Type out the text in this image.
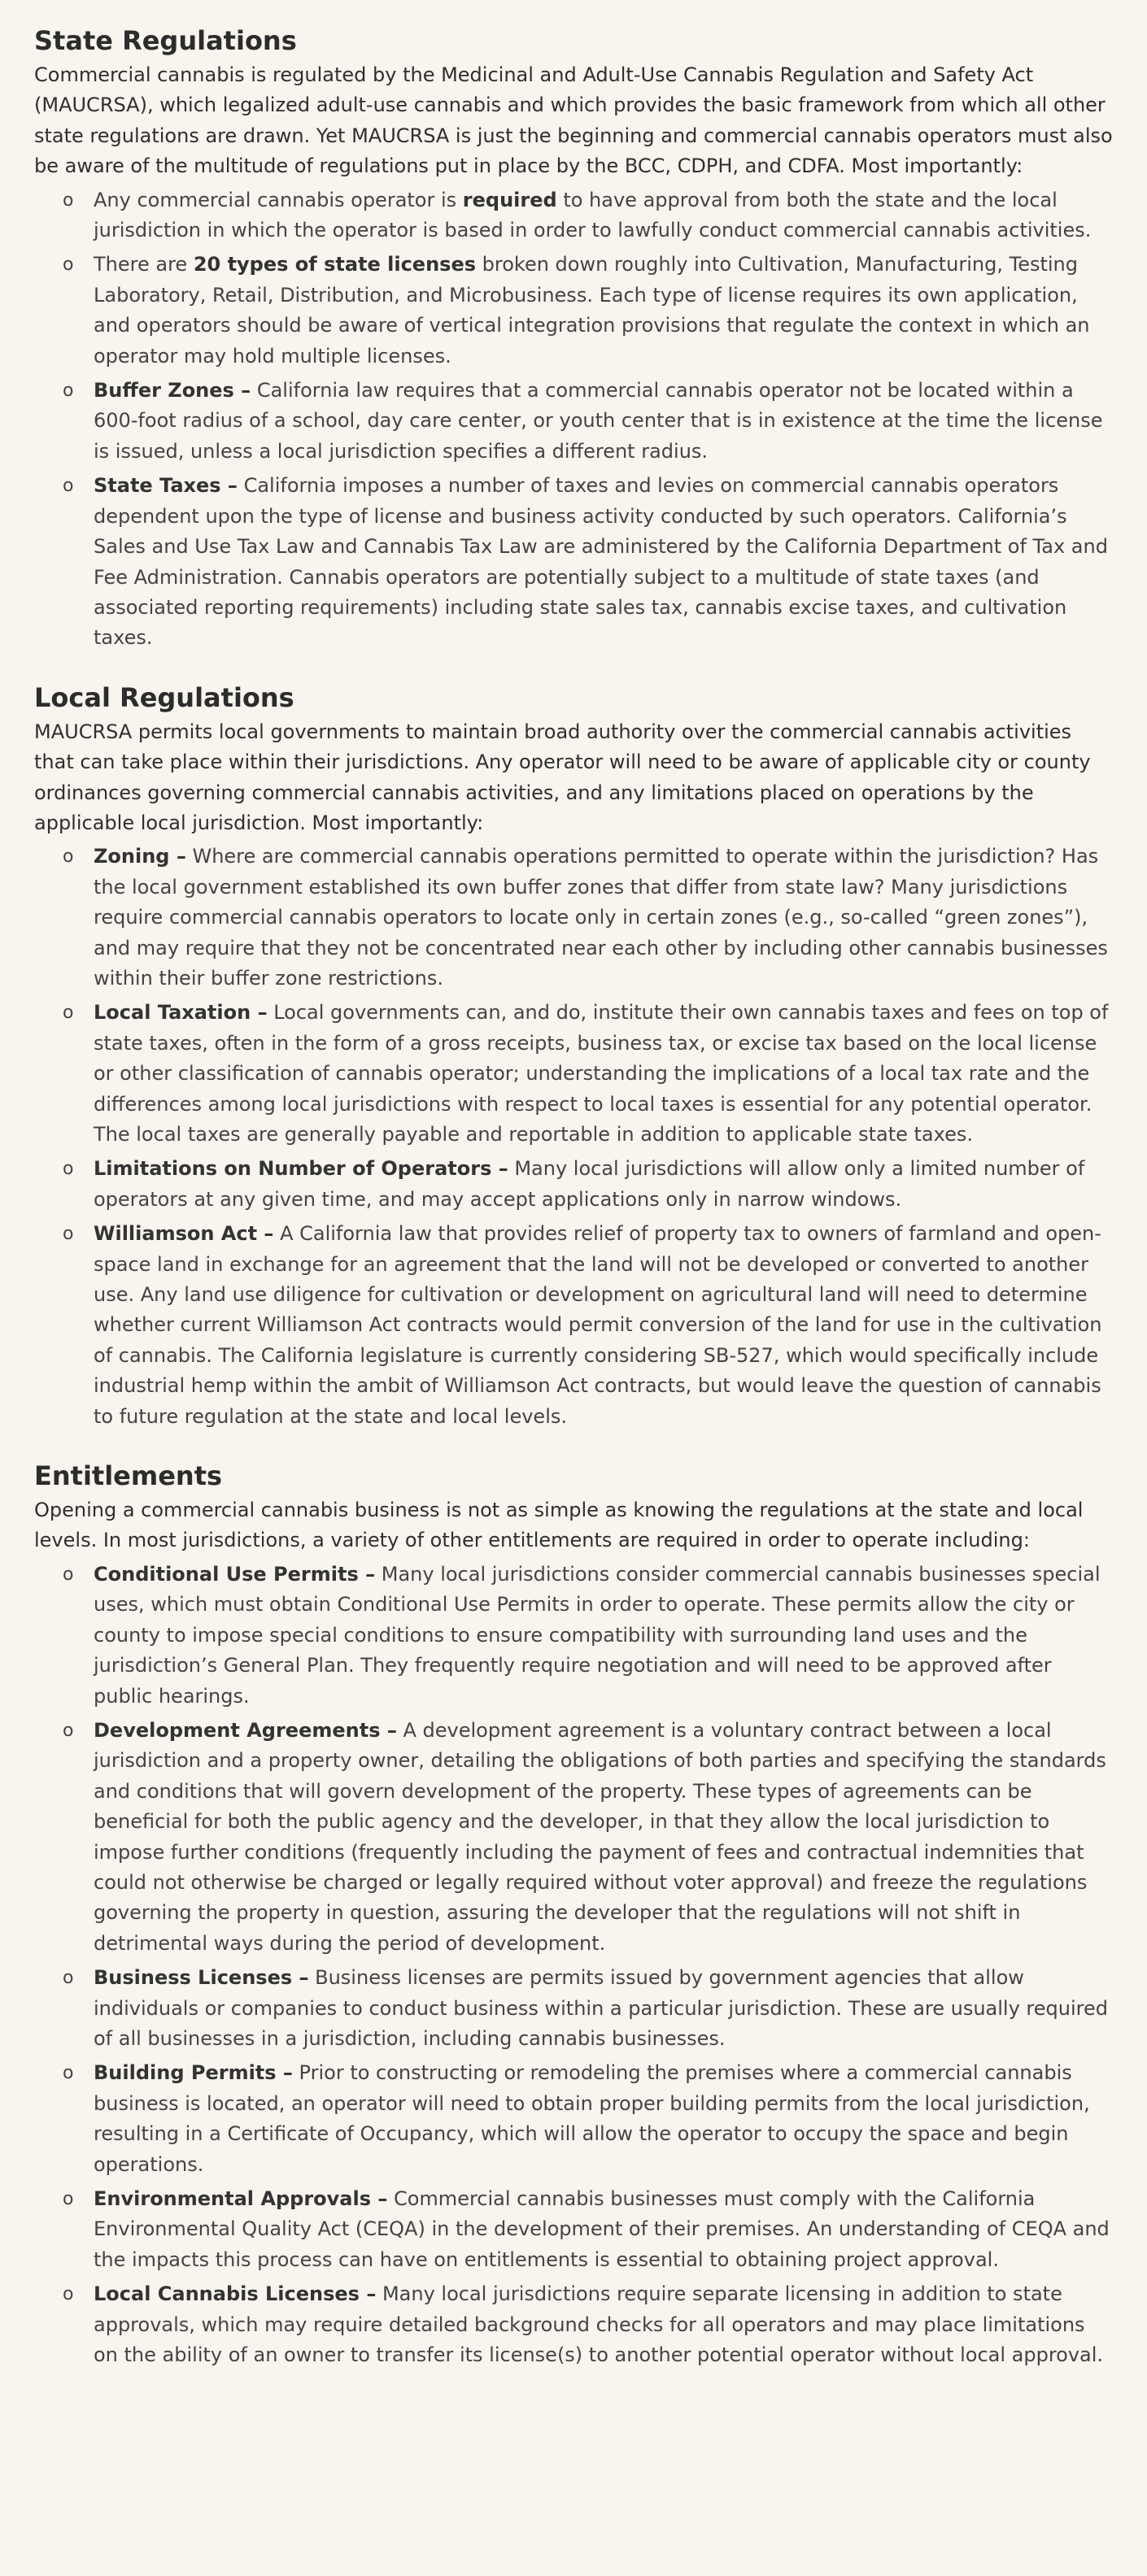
State Regulations

Commercial cannabis is regulated by the Medicinal and Adult-Use Cannabis Regulation and Safety Act (MAUCRSA), which legalized adult-use cannabis and which provides the basic framework from which all other state regulations are drawn. Yet MAUCRSA is just the beginning and commercial cannabis operators must also be aware of the multitude of regulations put in place by the BCC, CDPH, and CDFA. Most importantly:

o Any commercial cannabis operator is required to have approval from both the state and the local jurisdiction in which the operator is based in order to lawfully conduct commercial cannabis activities.
o There are 20 types of state licenses broken down roughly into Cultivation, Manufacturing, Testing Laboratory, Retail, Distribution, and Microbusiness. Each type of license requires its own application, and operators should be aware of vertical integration provisions that regulate the context in which an operator may hold multiple licenses.
o Buffer Zones – California law requires that a commercial cannabis operator not be located within a 600-foot radius of a school, day care center, or youth center that is in existence at the time the license is issued, unless a local jurisdiction specifies a different radius.
o State Taxes – California imposes a number of taxes and levies on commercial cannabis operators dependent upon the type of license and business activity conducted by such operators. California’s Sales and Use Tax Law and Cannabis Tax Law are administered by the California Department of Tax and Fee Administration. Cannabis operators are potentially subject to a multitude of state taxes (and associated reporting requirements) including state sales tax, cannabis excise taxes, and cultivation taxes.
Local Regulations

MAUCRSA permits local governments to maintain broad authority over the commercial cannabis activities that can take place within their jurisdictions. Any operator will need to be aware of applicable city or county ordinances governing commercial cannabis activities, and any limitations placed on operations by the applicable local jurisdiction. Most importantly:

o Zoning – Where are commercial cannabis operations permitted to operate within the jurisdiction? Has the local government established its own buffer zones that differ from state law? Many jurisdictions require commercial cannabis operators to locate only in certain zones (e.g., so-called “green zones”), and may require that they not be concentrated near each other by including other cannabis businesses within their buffer zone restrictions.
o Local Taxation – Local governments can, and do, institute their own cannabis taxes and fees on top of state taxes, often in the form of a gross receipts, business tax, or excise tax based on the local license or other classification of cannabis operator; understanding the implications of a local tax rate and the differences among local jurisdictions with respect to local taxes is essential for any potential operator. The local taxes are generally payable and reportable in addition to applicable state taxes.
o Limitations on Number of Operators – Many local jurisdictions will allow only a limited number of operators at any given time, and may accept applications only in narrow windows.
o Williamson Act – A California law that provides relief of property tax to owners of farmland and open-space land in exchange for an agreement that the land will not be developed or converted to another use. Any land use diligence for cultivation or development on agricultural land will need to determine whether current Williamson Act contracts would permit conversion of the land for use in the cultivation of cannabis. The California legislature is currently considering SB-527, which would specifically include industrial hemp within the ambit of Williamson Act contracts, but would leave the question of cannabis to future regulation at the state and local levels.
Entitlements

Opening a commercial cannabis business is not as simple as knowing the regulations at the state and local levels. In most jurisdictions, a variety of other entitlements are required in order to operate including:

o Conditional Use Permits – Many local jurisdictions consider commercial cannabis businesses special uses, which must obtain Conditional Use Permits in order to operate. These permits allow the city or county to impose special conditions to ensure compatibility with surrounding land uses and the jurisdiction’s General Plan. They frequently require negotiation and will need to be approved after public hearings.
o Development Agreements – A development agreement is a voluntary contract between a local jurisdiction and a property owner, detailing the obligations of both parties and specifying the standards and conditions that will govern development of the property. These types of agreements can be beneficial for both the public agency and the developer, in that they allow the local jurisdiction to impose further conditions (frequently including the payment of fees and contractual indemnities that could not otherwise be charged or legally required without voter approval) and freeze the regulations governing the property in question, assuring the developer that the regulations will not shift in detrimental ways during the period of development.
o Business Licenses – Business licenses are permits issued by government agencies that allow individuals or companies to conduct business within a particular jurisdiction. These are usually required of all businesses in a jurisdiction, including cannabis businesses.
o Building Permits – Prior to constructing or remodeling the premises where a commercial cannabis business is located, an operator will need to obtain proper building permits from the local jurisdiction, resulting in a Certificate of Occupancy, which will allow the operator to occupy the space and begin operations.
o Environmental Approvals – Commercial cannabis businesses must comply with the California Environmental Quality Act (CEQA) in the development of their premises. An understanding of CEQA and the impacts this process can have on entitlements is essential to obtaining project approval.
o Local Cannabis Licenses – Many local jurisdictions require separate licensing in addition to state approvals, which may require detailed background checks for all operators and may place limitations on the ability of an owner to transfer its license(s) to another potential operator without local approval.
